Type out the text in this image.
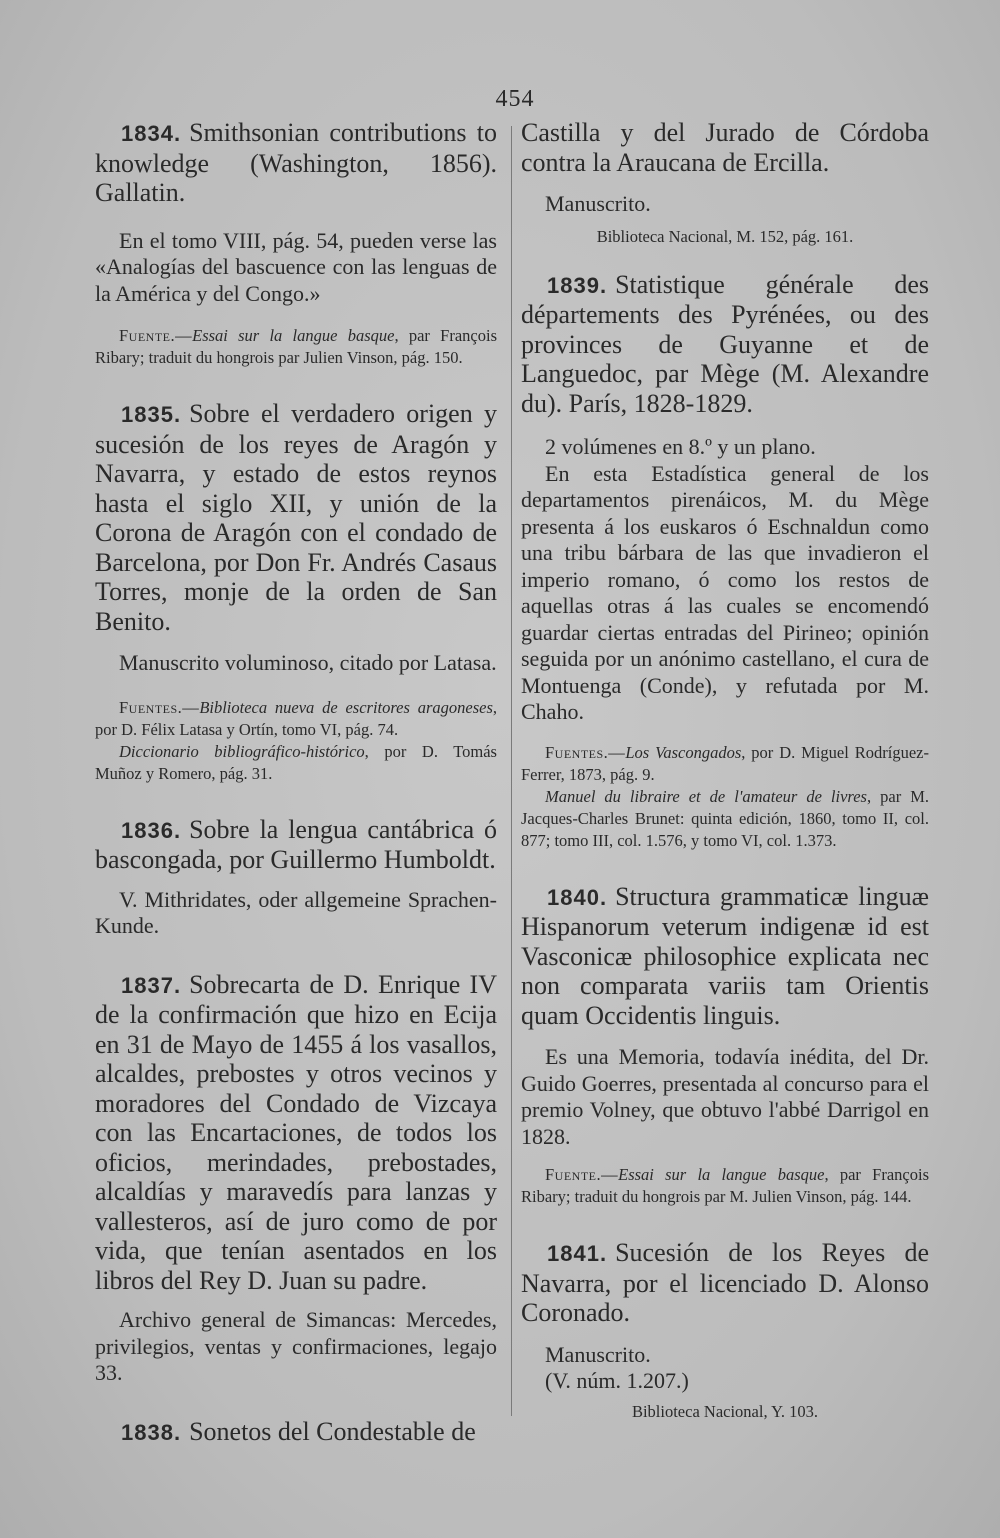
454

1834. Smithsonian contributions to knowledge (Washington, 1856). Gallatin.

En el tomo VIII, pág. 54, pueden verse las «Analogías del bascuence con las lenguas de la América y del Congo.»

Fuente.—Essai sur la langue basque, par François Ribary; traduit du hongrois par Julien Vinson, pág. 150.

1835. Sobre el verdadero origen y sucesión de los reyes de Aragón y Navarra, y estado de estos reynos hasta el siglo XII, y unión de la Corona de Aragón con el condado de Barcelona, por Don Fr. Andrés Casaus Torres, monje de la orden de San Benito.

Manuscrito voluminoso, citado por Latasa.

Fuentes.—Biblioteca nueva de escritores aragoneses, por D. Félix Latasa y Ortín, tomo VI, pág. 74.

Diccionario bibliográfico-histórico, por D. Tomás Muñoz y Romero, pág. 31.

1836. Sobre la lengua cantábrica ó bascongada, por Guillermo Humboldt.

V. Mithridates, oder allgemeine Sprachen-Kunde.

1837. Sobrecarta de D. Enrique IV de la confirmación que hizo en Ecija en 31 de Mayo de 1455 á los vasallos, alcaldes, prebostes y otros vecinos y moradores del Condado de Vizcaya con las Encartaciones, de todos los oficios, merindades, prebostades, alcaldías y maravedís para lanzas y vallesteros, así de juro como de por vida, que tenían asentados en los libros del Rey D. Juan su padre.

Archivo general de Simancas: Mercedes, privilegios, ventas y confirmaciones, legajo 33.

1838. Sonetos del Condestable de

Castilla y del Jurado de Córdoba contra la Araucana de Ercilla.

Manuscrito.

Biblioteca Nacional, M. 152, pág. 161.

1839. Statistique générale des départements des Pyrénées, ou des provinces de Guyanne et de Languedoc, par Mège (M. Alexandre du). París, 1828-1829.

2 volúmenes en 8.º y un plano.

En esta Estadística general de los departamentos pirenáicos, M. du Mège presenta á los euskaros ó Eschnaldun como una tribu bárbara de las que invadieron el imperio romano, ó como los restos de aquellas otras á las cuales se encomendó guardar ciertas entradas del Pirineo; opinión seguida por un anónimo castellano, el cura de Montuenga (Conde), y refutada por M. Chaho.

Fuentes.—Los Vascongados, por D. Miguel Rodríguez-Ferrer, 1873, pág. 9.

Manuel du libraire et de l'amateur de livres, par M. Jacques-Charles Brunet: quinta edición, 1860, tomo II, col. 877; tomo III, col. 1.576, y tomo VI, col. 1.373.

1840. Structura grammaticæ linguæ Hispanorum veterum indigenæ id est Vasconicæ philosophice explicata nec non comparata variis tam Orientis quam Occidentis linguis.

Es una Memoria, todavía inédita, del Dr. Guido Goerres, presentada al concurso para el premio Volney, que obtuvo l'abbé Darrigol en 1828.

Fuente.—Essai sur la langue basque, par François Ribary; traduit du hongrois par M. Julien Vinson, pág. 144.

1841. Sucesión de los Reyes de Navarra, por el licenciado D. Alonso Coronado.

Manuscrito.

(V. núm. 1.207.)

Biblioteca Nacional, Y. 103.
